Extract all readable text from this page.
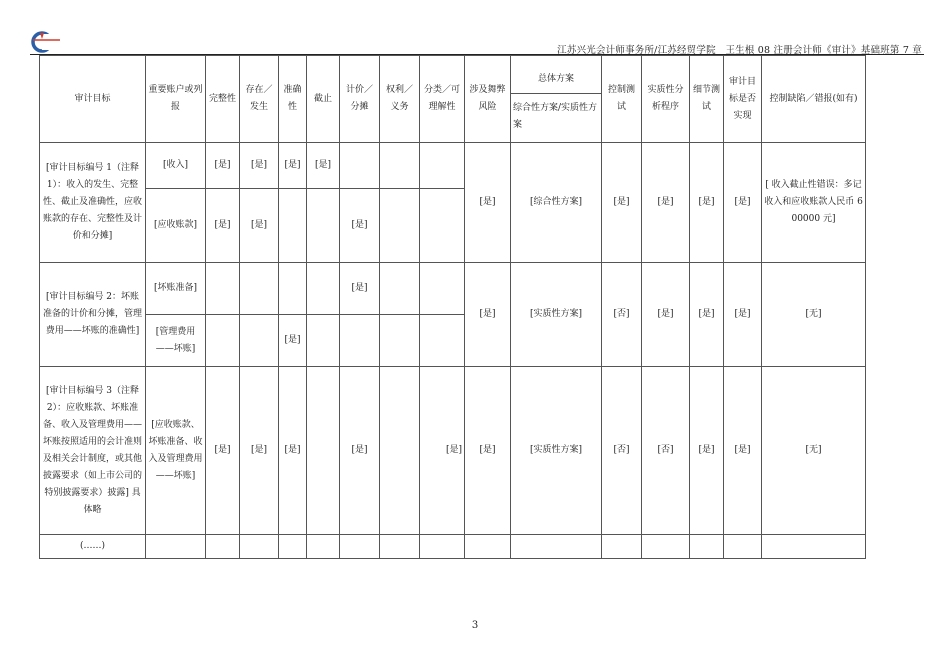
江苏兴光会计师事务所/江苏经贸学院　王生根 08 注册会计师《审计》基础班第 7 章
审计目标	重要账户或列报	完整性	存在／发生	准确性	截止	计价／分摊	权利／义务	分类／可理解性	涉及舞弊风险	总体方案
综合性方案/实质性方案	控制测试	实质性分析程序	细节测试	审计目标是否实现	控制缺陷／错报(如有)
[审计目标编号 1（注释 1）：收入的发生、完整性、截止及准确性，应收账款的存在、完整性及计价和分摊]	[收入]	[是]	[是]	[是]	[是]				[是]	[综合性方案]	[是]	[是]	[是]	[是]	[ 收入截止性错误：多记收入和应收账款人民币 600000 元]
	[应收账款]	[是]	[是]			[是]									
[审计目标编号 2：坏账准备的计价和分摊，管理费用——坏账的准确性]	[坏账准备]					[是]			[是]	[实质性方案]	[否]	[是]	[是]	[是]	[无]
	[管理费用——坏账]			[是]											
[审计目标编号 3（注释 2）：应收账款、坏账准备、收入及管理费用——坏账按照适用的会计准则及相关会计制度，或其他披露要求（如上市公司的特别披露要求）披露] 具体略	[应收账款、坏账准备、收入及管理费用——坏账]	[是]	[是]	[是]		[是]		[是]	[是]	[实质性方案]	[否]	[否]	[是]	[是]	[无]
(……)															
3
